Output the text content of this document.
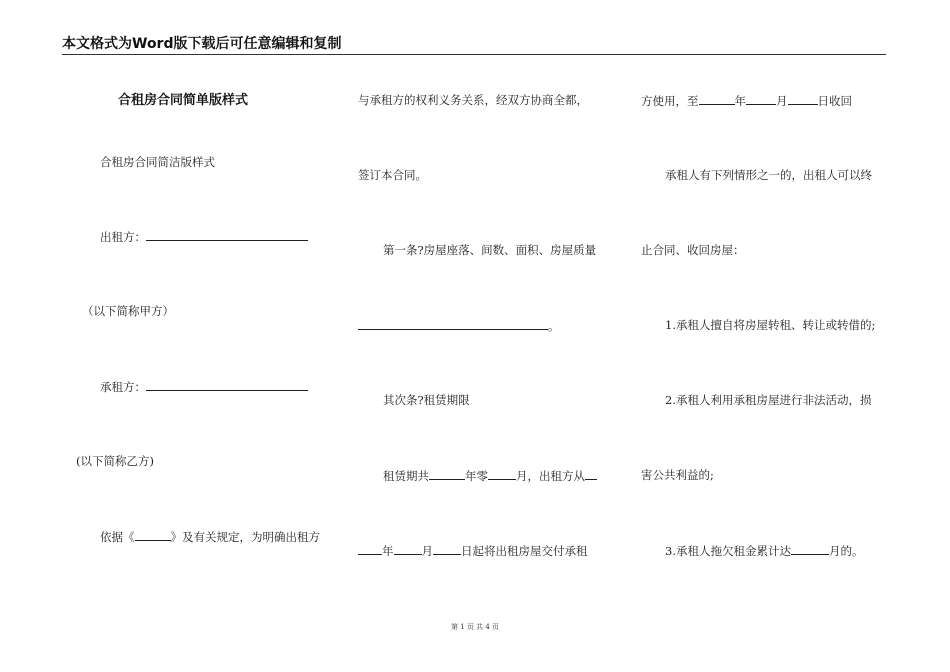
本文格式为Word版下载后可任意编辑和复制
合租房合同简单版样式
合租房合同简洁版样式
出租方：
（以下简称甲方）
承租方：
(以下简称乙方)
依据《	》及有关规定，为明确出租方
与承租方的权利义务关系，经双方协商全都，
签订本合同。
第一条?房屋座落、间数、面积、房屋质量
。
其次条?租赁期限
租赁期共	年零 月，出租方从
年 月 日起将出租房屋交付承租
方使用，至	年	月	日收回
承租人有下列情形之一的，出租人可以终
止合同、收回房屋：
1.承租人擅自将房屋转租、转让或转借的;
2.承租人利用承租房屋进行非法活动，损
害公共利益的;
3.承租人拖欠租金累计达	月的。
第 1 页 共 4 页
